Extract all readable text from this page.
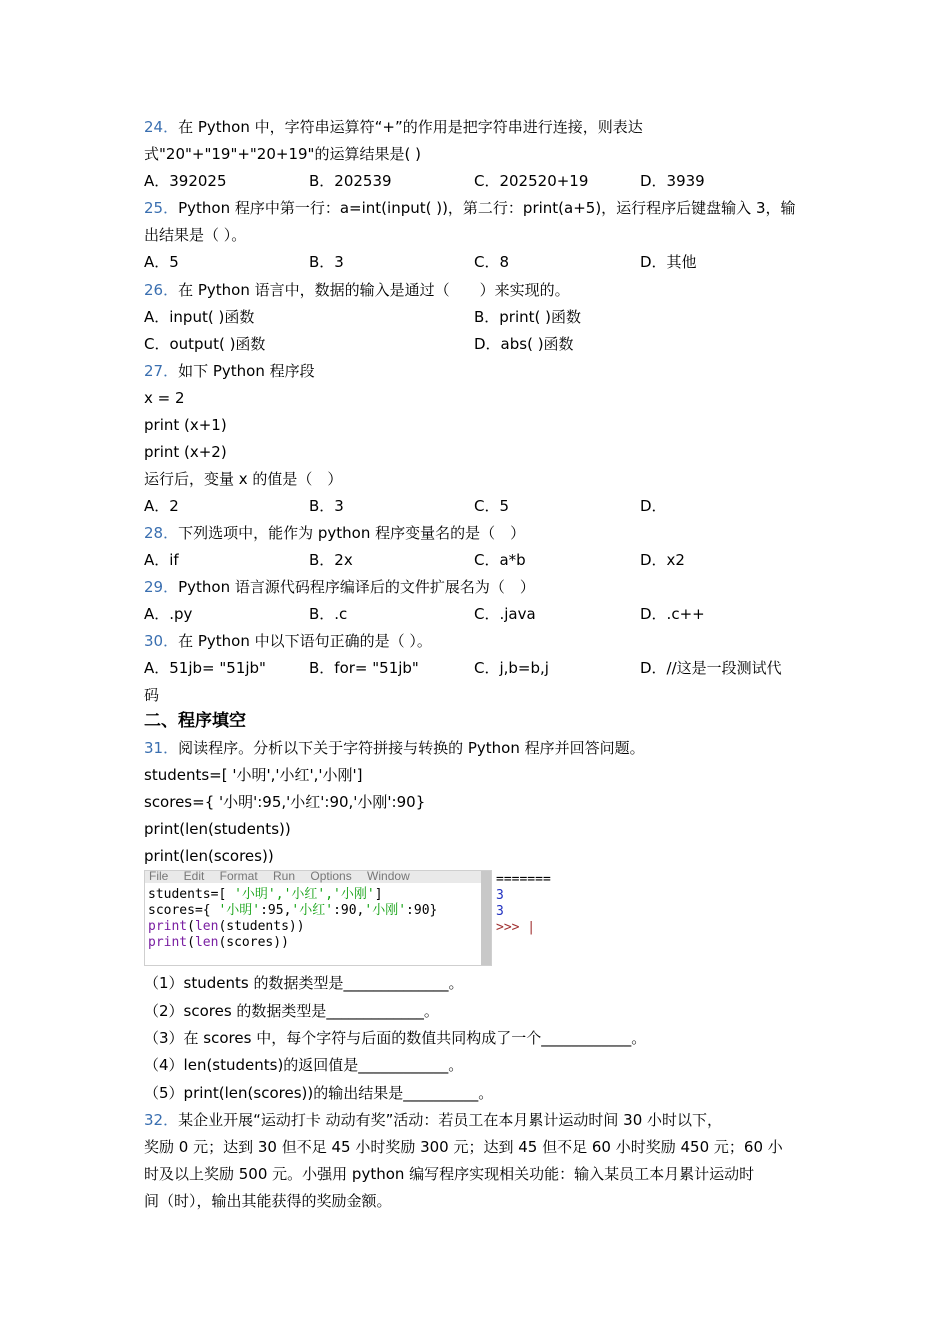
24．在 Python 中，字符串运算符“+”的作用是把字符串进行连接，则表达
式"20"+"19"+"20+19"的运算结果是( )
A．392025	B．202539	C．202520+19	D．3939
25．Python 程序中第一行：a=int(input( ))，第二行：print(a+5)，运行程序后键盘输入 3，输
出结果是（ ）。
A．5	B．3	C．8	D．其他
26．在 Python 语言中，数据的输入是通过（　　）来实现的。
A．input( )函数	B．print( )函数
C．output( )函数	D．abs( )函数
27．如下 Python 程序段
x = 2
print (x+1)
print (x+2)
运行后，变量 x 的值是（　）
A．2	B．3	C．5	D．
28．下列选项中，能作为 python 程序变量名的是（　）
A．if	B．2x	C．a*b	D．x2
29．Python 语言源代码程序编译后的文件扩展名为（　）
A．.py	B．.c	C．.java	D．.c++
30．在 Python 中以下语句正确的是（ ）。
A．51jb= "51jb"	B．for= "51jb"	C．j,b=b,j	D．//这是一段测试代
码
二、程序填空
31．阅读程序。分析以下关于字符拼接与转换的 Python 程序并回答问题。
students=[ '小明','小红','小刚']
scores={ '小明':95,'小红':90,'小刚':90}
print(len(students))
print(len(scores))
File Edit Format Run Options Window
students=[ '小明','小红','小刚']
scores={ '小明':95,'小红':90,'小刚':90}
print(len(students))
print(len(scores))
=======
3
3
>>> |
（1）students 的数据类型是______________。
（2）scores 的数据类型是_____________。
（3）在 scores 中，每个字符与后面的数值共同构成了一个____________。
（4）len(students)的返回值是____________。
（5）print(len(scores))的输出结果是__________。
32．某企业开展“运动打卡 动动有奖”活动：若员工在本月累计运动时间 30 小时以下，
奖励 0 元；达到 30 但不足 45 小时奖励 300 元；达到 45 但不足 60 小时奖励 450 元；60 小
时及以上奖励 500 元。小强用 python 编写程序实现相关功能：输入某员工本月累计运动时
间（时），输出其能获得的奖励金额。
